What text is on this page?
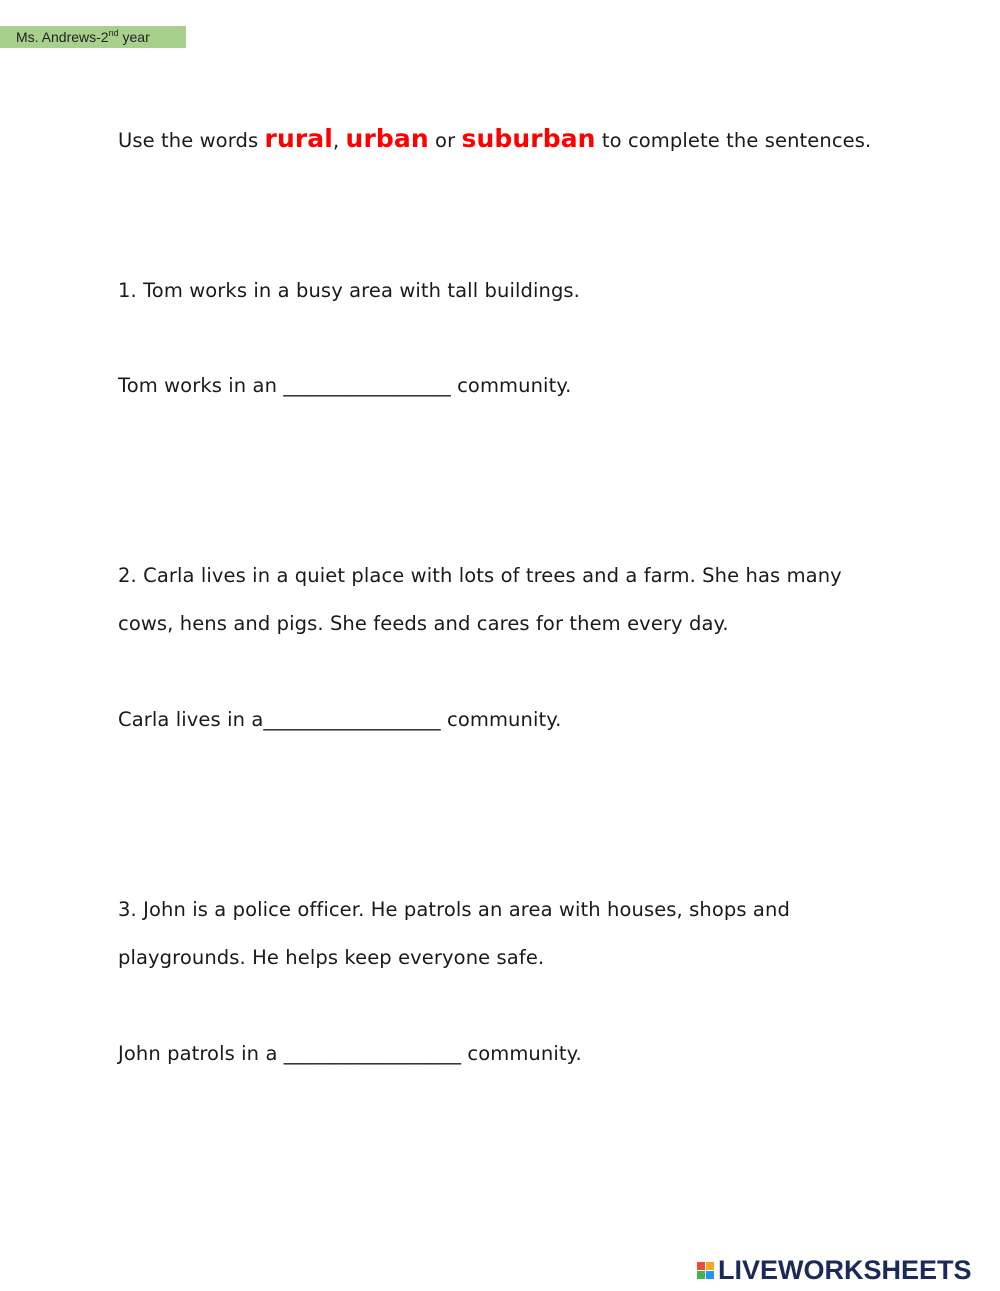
Ms. Andrews-2nd year
Use the words rural, urban or suburban to complete the sentences.
1. Tom works in a busy area with tall buildings.
Tom works in an _________________ community.
2. Carla lives in a quiet place with lots of trees and a farm. She has many
cows, hens and pigs. She feeds and cares for them every day.
Carla lives in a__________________ community.
3. John is a police officer. He patrols an area with houses, shops and
playgrounds. He helps keep everyone safe.
John patrols in a __________________ community.
LIVEWORKSHEETS
